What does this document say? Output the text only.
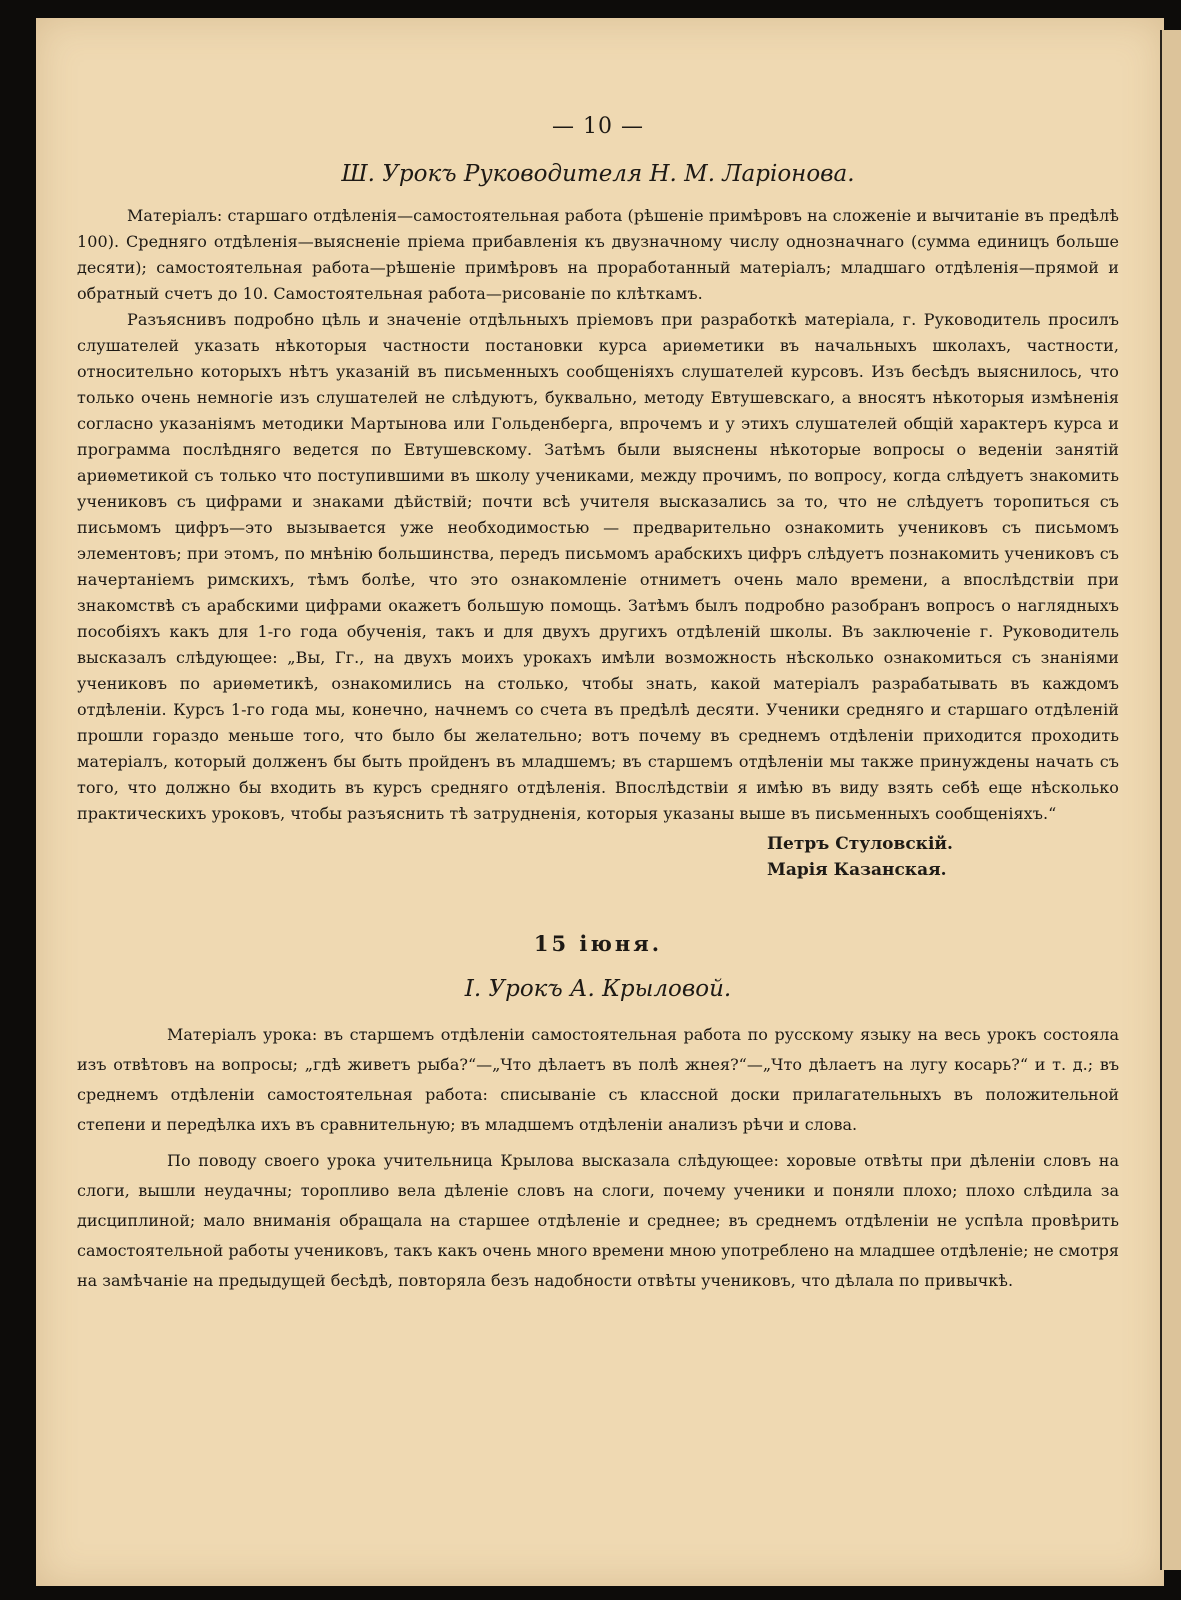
— 10 —
Ш. Урокъ Руководителя Н. М. Ларіонова.

Матеріалъ: старшаго отдѣленія—самостоятельная работа (рѣшеніе примѣровъ на сложеніе и вычитаніе въ предѣлѣ 100). Средняго отдѣленія—выясненіе пріема прибавленія къ двузначному числу однозначнаго (сумма единицъ больше десяти); самостоятельная работа—рѣшеніе примѣровъ на проработанный матеріалъ; младшаго отдѣленія—прямой и обратный счетъ до 10. Самостоятельная работа—рисованіе по клѣткамъ.

Разъяснивъ подробно цѣль и значеніе отдѣльныхъ пріемовъ при разработкѣ матеріала, г. Руководитель просилъ слушателей указать нѣкоторыя частности постановки курса ариѳметики въ начальныхъ школахъ, частности, относительно которыхъ нѣтъ указаній въ письменныхъ сообщеніяхъ слушателей курсовъ. Изъ бесѣдъ выяснилось, что только очень немногіе изъ слушателей не слѣдуютъ, буквально, методу Евтушевскаго, а вносятъ нѣкоторыя измѣненія согласно указаніямъ методики Мартынова или Гольденберга, впрочемъ и у этихъ слушателей общій характеръ курса и программа послѣдняго ведется по Евтушевскому. Затѣмъ были выяснены нѣкоторые вопросы о веденіи занятій ариѳметикой съ только что поступившими въ школу учениками, между прочимъ, по вопросу, когда слѣдуетъ знакомить учениковъ съ цифрами и знаками дѣйствій; почти всѣ учителя высказались за то, что не слѣдуетъ торопиться съ письмомъ цифръ—это вызывается уже необходимостью — предварительно ознакомить учениковъ съ письмомъ элементовъ; при этомъ, по мнѣнію большинства, передъ письмомъ арабскихъ цифръ слѣдуетъ познакомить учениковъ съ начертаніемъ римскихъ, тѣмъ болѣе, что это ознакомленіе отниметъ очень мало времени, а впослѣдствіи при знакомствѣ съ арабскими цифрами окажетъ большую помощь. Затѣмъ былъ подробно разобранъ вопросъ о наглядныхъ пособіяхъ какъ для 1-го года обученія, такъ и для двухъ другихъ отдѣленій школы. Въ заключеніе г. Руководитель высказалъ слѣдующее: „Вы, Гг., на двухъ моихъ урокахъ имѣли возможность нѣсколько ознакомиться съ знаніями учениковъ по ариѳметикѣ, ознакомились на столько, чтобы знать, какой матеріалъ разрабатывать въ каждомъ отдѣленіи. Курсъ 1-го года мы, конечно, начнемъ со счета въ предѣлѣ десяти. Ученики средняго и старшаго отдѣленій прошли гораздо меньше того, что было бы желательно; вотъ почему въ среднемъ отдѣленіи приходится проходить матеріалъ, который долженъ бы быть пройденъ въ младшемъ; въ старшемъ отдѣленіи мы также принуждены начать съ того, что должно бы входить въ курсъ средняго отдѣленія. Впослѣдствіи я имѣю въ виду взять себѣ еще нѣсколько практическихъ уроковъ, чтобы разъяснить тѣ затрудненія, которыя указаны выше въ письменныхъ сообщеніяхъ.“

Петръ Стуловскій.
Марія Казанская.
15 іюня.
I. Урокъ А. Крыловой.

Матеріалъ урока: въ старшемъ отдѣленіи самостоятельная работа по русскому языку на весь урокъ состояла изъ отвѣтовъ на вопросы; „гдѣ живетъ рыба?“—„Что дѣлаетъ въ полѣ жнея?“—„Что дѣлаетъ на лугу косарь?“ и т. д.; въ среднемъ отдѣленіи самостоятельная работа: списываніе съ классной доски прилагательныхъ въ положительной степени и передѣлка ихъ въ сравнительную; въ младшемъ отдѣленіи анализъ рѣчи и слова.

По поводу своего урока учительница Крылова высказала слѣдующее: хоровые отвѣты при дѣленіи словъ на слоги, вышли неудачны; торопливо вела дѣленіе словъ на слоги, почему ученики и поняли плохо; плохо слѣдила за дисциплиной; мало вниманія обращала на старшее отдѣленіе и среднее; въ среднемъ отдѣленіи не успѣла провѣрить самостоятельной работы учениковъ, такъ какъ очень много времени мною употреблено на младшее отдѣленіе; не смотря на замѣчаніе на предыдущей бесѣдѣ, повторяла безъ надобности отвѣты учениковъ, что дѣлала по привычкѣ.
